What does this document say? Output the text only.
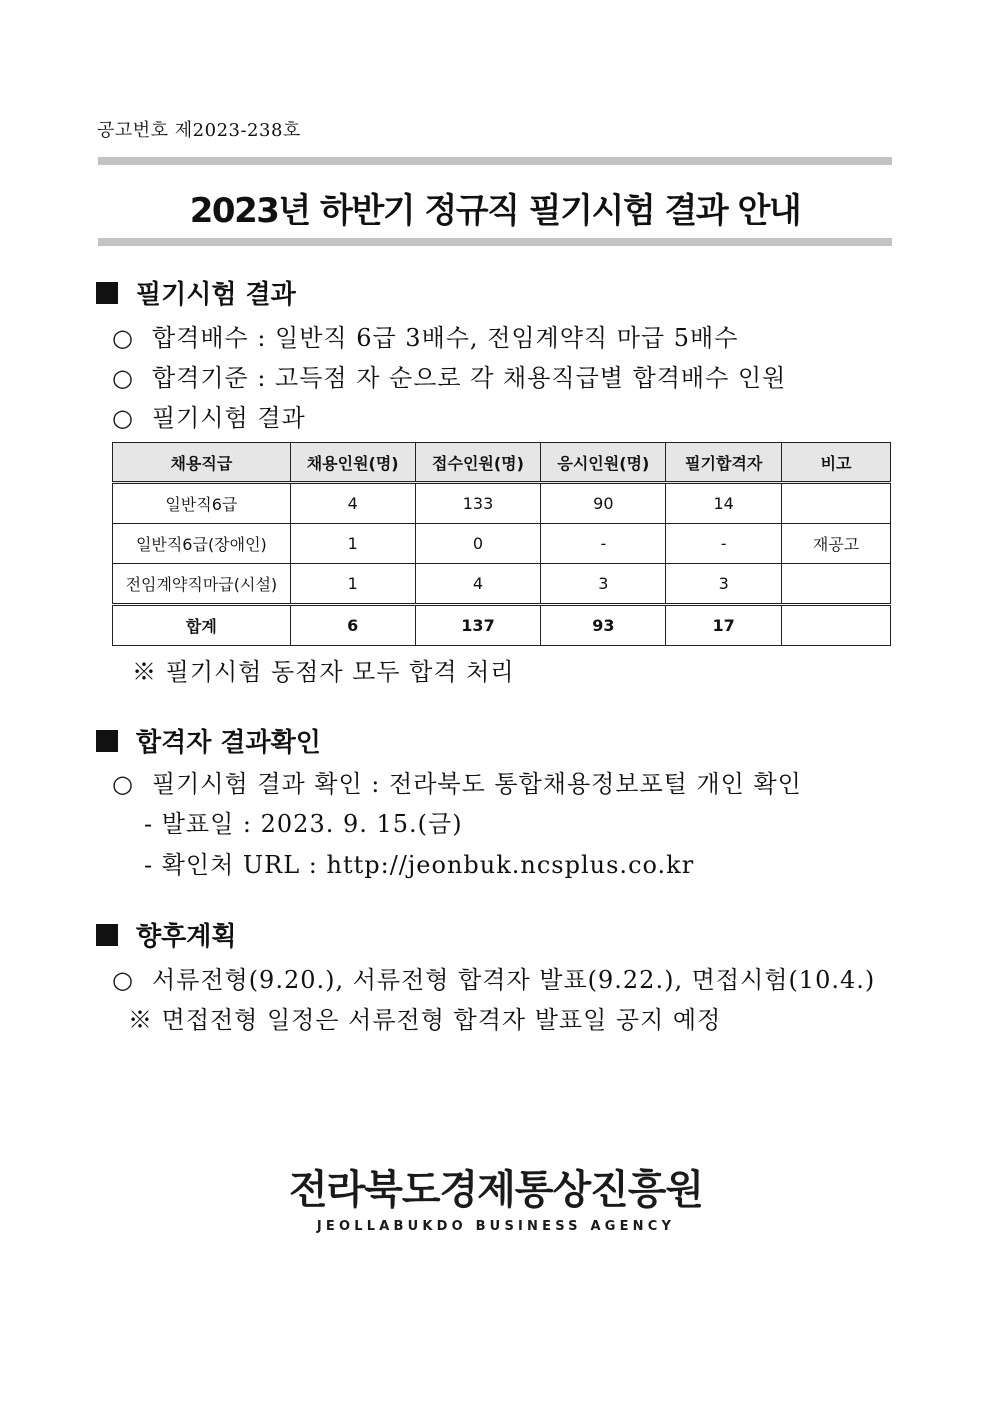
공고번호 제2023-238호
2023년 하반기 정규직 필기시험 결과 안내
필기시험 결과
○ 합격배수 : 일반직 6급 3배수, 전임계약직 마급 5배수
○ 합격기준 : 고득점 자 순으로 각 채용직급별 합격배수 인원
○ 필기시험 결과
채용직급	채용인원(명)	접수인원(명)	응시인원(명)	필기합격자	비고
일반직6급	4	133	90	14	
일반직6급(장애인)	1	0	-	-	재공고
전임계약직마급(시설)	1	4	3	3	
합계	6	137	93	17	
※ 필기시험 동점자 모두 합격 처리
합격자 결과확인
○ 필기시험 결과 확인 : 전라북도 통합채용정보포털 개인 확인
- 발표일 : 2023. 9. 15.(금)
- 확인처 URL : http://jeonbuk.ncsplus.co.kr
향후계획
○ 서류전형(9.20.), 서류전형 합격자 발표(9.22.), 면접시험(10.4.)
※ 면접전형 일정은 서류전형 합격자 발표일 공지 예정
전라북도경제통상진흥원
JEOLLABUKDO BUSINESS AGENCY
